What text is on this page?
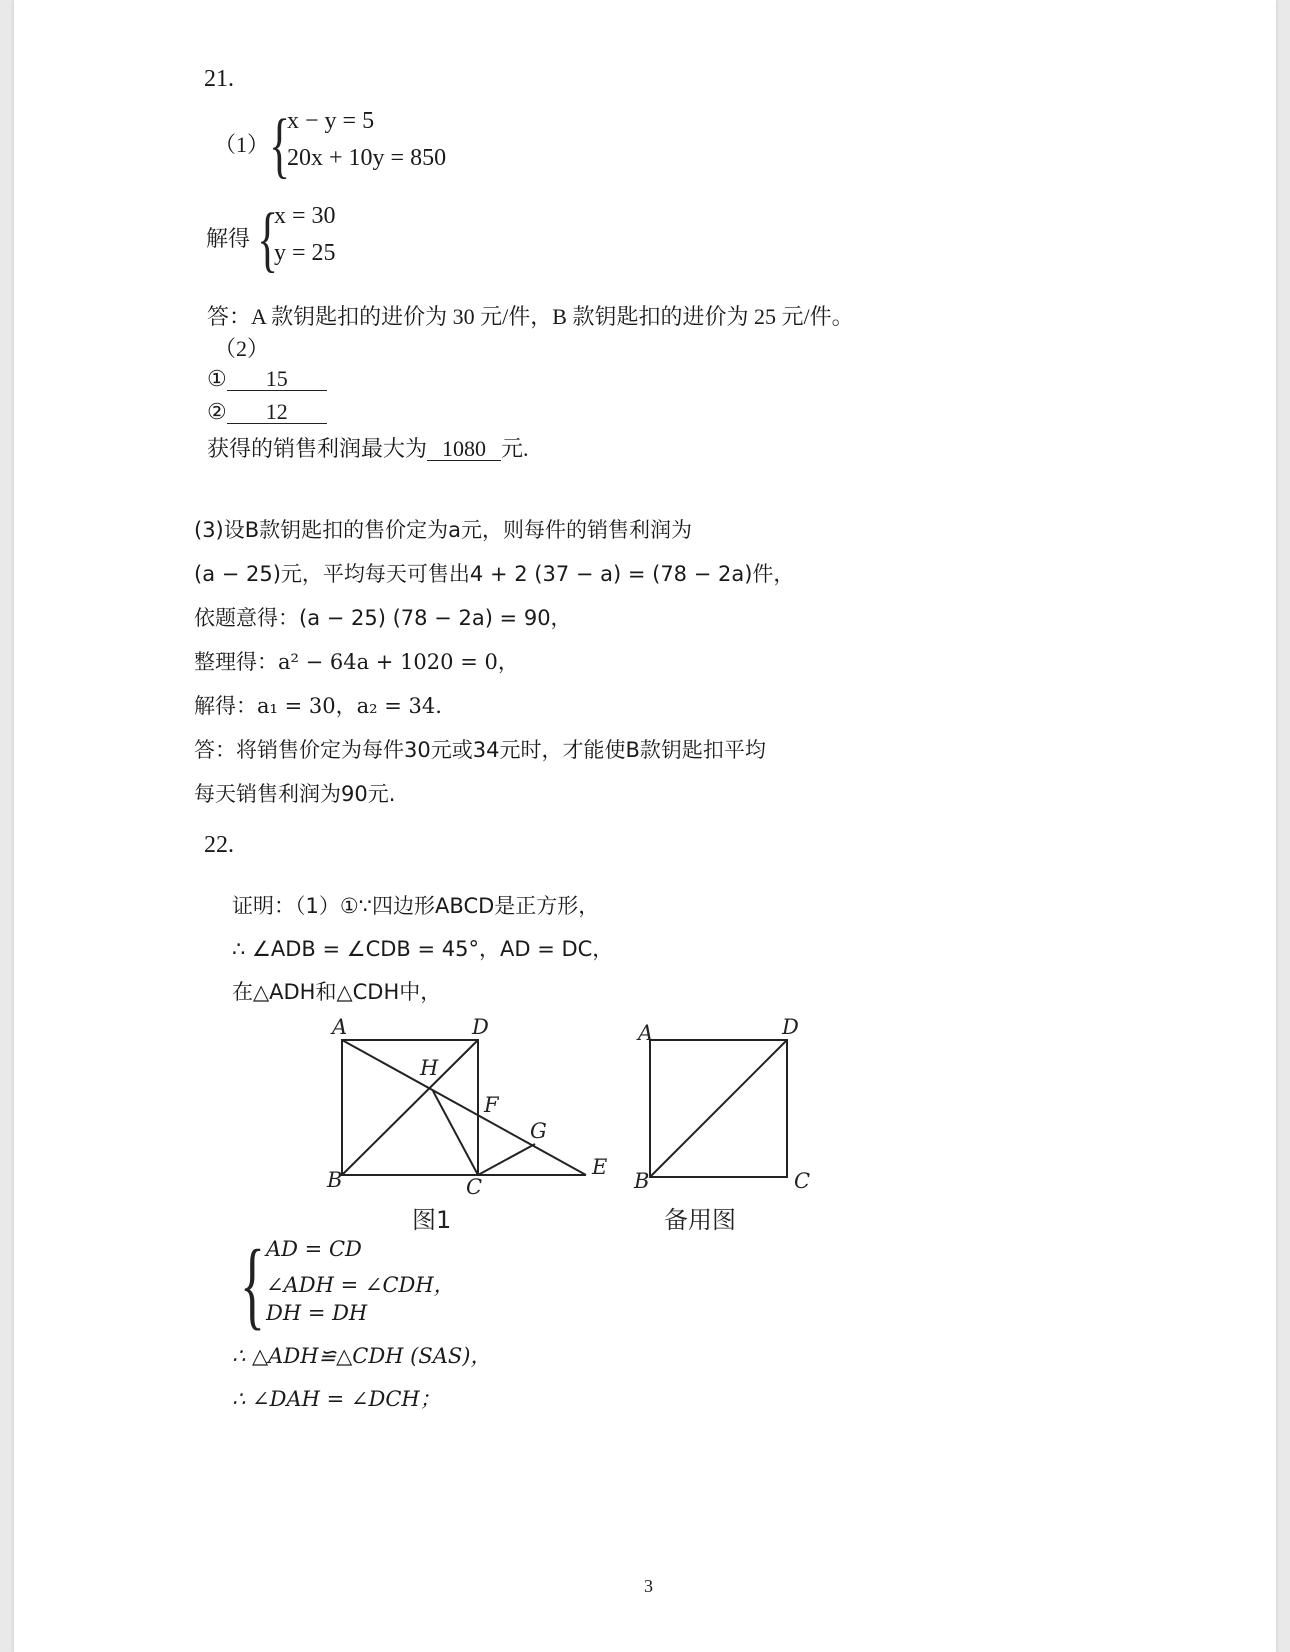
21.
（1） {
x − y = 5
20x + 10y = 850
解得 {
x = 30
y = 25
答：A 款钥匙扣的进价为 30 元/件，B 款钥匙扣的进价为 25 元/件。
（2）
① 15
② 12
获得的销售利润最大为 1080 元.
(3)设B款钥匙扣的售价定为a元，则每件的销售利润为
(a − 25)元，平均每天可售出4 + 2 (37 − a) = (78 − 2a)件，
依题意得：(a − 25) (78 − 2a) = 90，
整理得：a² − 64a + 1020 = 0，
解得：a₁ = 30，a₂ = 34.
答：将销售价定为每件30元或34元时，才能使B款钥匙扣平均
每天销售利润为90元.
22.
证明：（1）①∵四边形ABCD是正方形，
∴ ∠ADB = ∠CDB = 45°，AD = DC，
在△ADH和△CDH中，
A	D
H
F
G
B	C
E
图1
A	D
B	C
备用图
{ AD = CD
∠ADH = ∠CDH，
DH = DH
∴ △ADH≌△CDH (SAS)，
∴ ∠DAH = ∠DCH；
3
